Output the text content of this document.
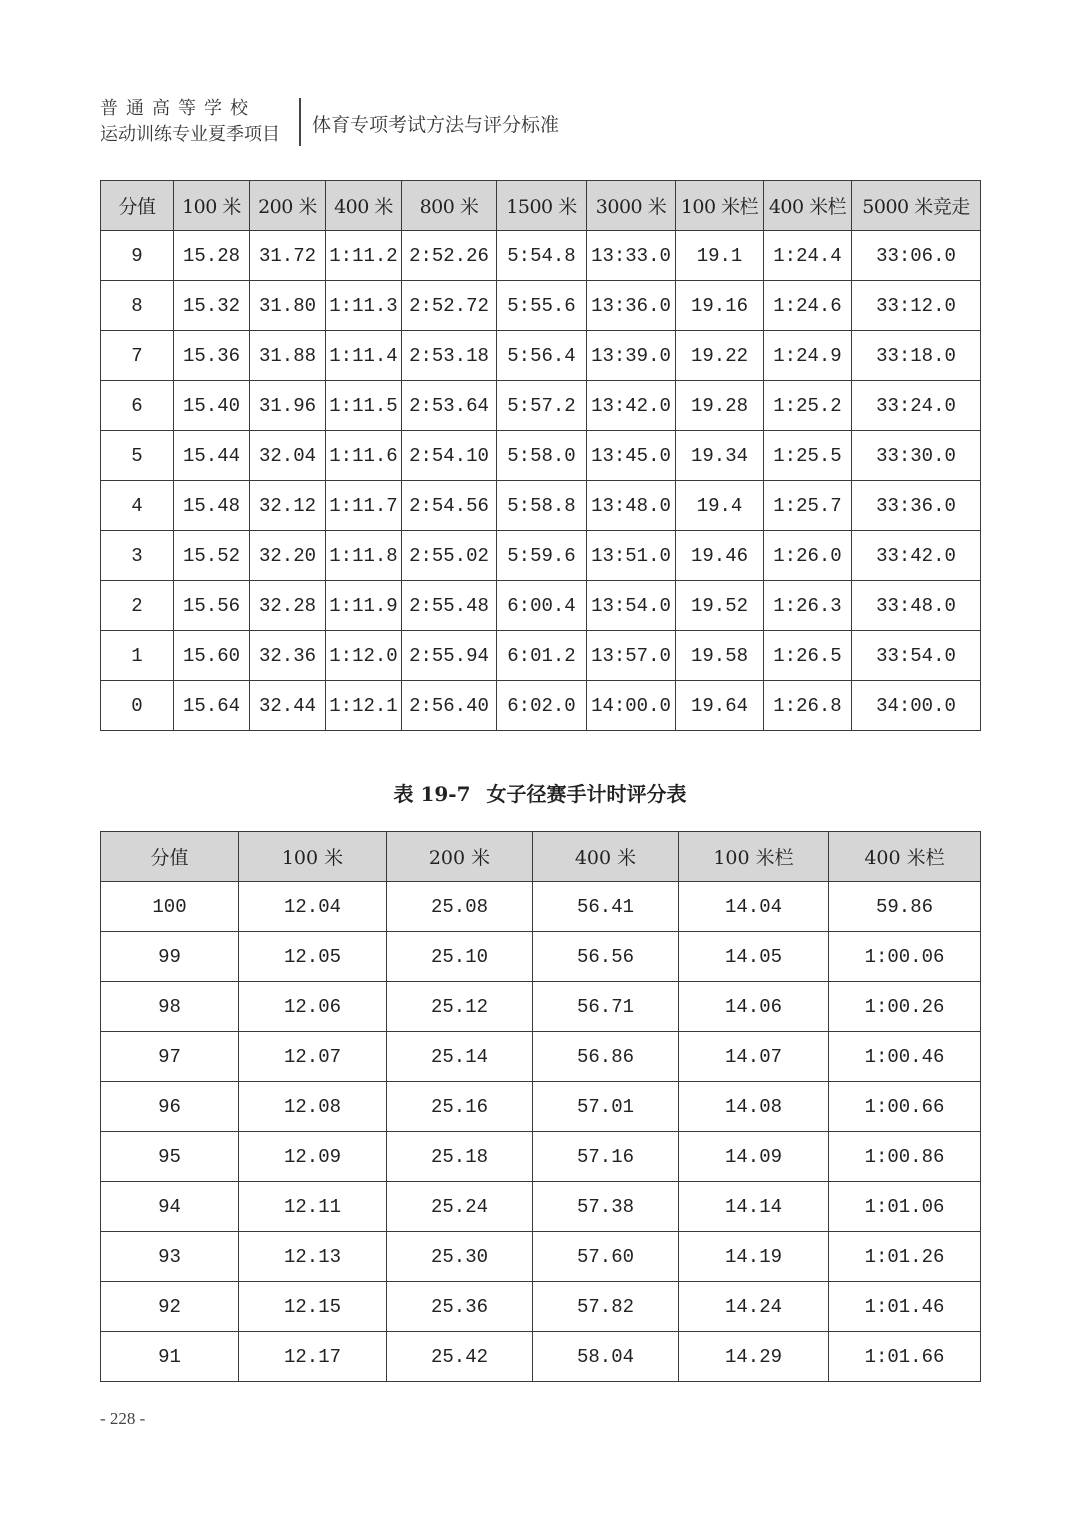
普通高等学校
运动训练专业夏季项目	体育专项考试方法与评分标准
分值	100 米	200 米	400 米	800 米	1500 米	3000 米	100 米栏	400 米栏	5000 米竞走
9	15.28	31.72	1:11.2	2:52.26	5:54.8	13:33.0	19.1	1:24.4	33:06.0
8	15.32	31.80	1:11.3	2:52.72	5:55.6	13:36.0	19.16	1:24.6	33:12.0
7	15.36	31.88	1:11.4	2:53.18	5:56.4	13:39.0	19.22	1:24.9	33:18.0
6	15.40	31.96	1:11.5	2:53.64	5:57.2	13:42.0	19.28	1:25.2	33:24.0
5	15.44	32.04	1:11.6	2:54.10	5:58.0	13:45.0	19.34	1:25.5	33:30.0
4	15.48	32.12	1:11.7	2:54.56	5:58.8	13:48.0	19.4	1:25.7	33:36.0
3	15.52	32.20	1:11.8	2:55.02	5:59.6	13:51.0	19.46	1:26.0	33:42.0
2	15.56	32.28	1:11.9	2:55.48	6:00.4	13:54.0	19.52	1:26.3	33:48.0
1	15.60	32.36	1:12.0	2:55.94	6:01.2	13:57.0	19.58	1:26.5	33:54.0
0	15.64	32.44	1:12.1	2:56.40	6:02.0	14:00.0	19.64	1:26.8	34:00.0
表 19-7 女子径赛手计时评分表
分值	100 米	200 米	400 米	100 米栏	400 米栏
100	12.04	25.08	56.41	14.04	59.86
99	12.05	25.10	56.56	14.05	1:00.06
98	12.06	25.12	56.71	14.06	1:00.26
97	12.07	25.14	56.86	14.07	1:00.46
96	12.08	25.16	57.01	14.08	1:00.66
95	12.09	25.18	57.16	14.09	1:00.86
94	12.11	25.24	57.38	14.14	1:01.06
93	12.13	25.30	57.60	14.19	1:01.26
92	12.15	25.36	57.82	14.24	1:01.46
91	12.17	25.42	58.04	14.29	1:01.66
- 228 -
